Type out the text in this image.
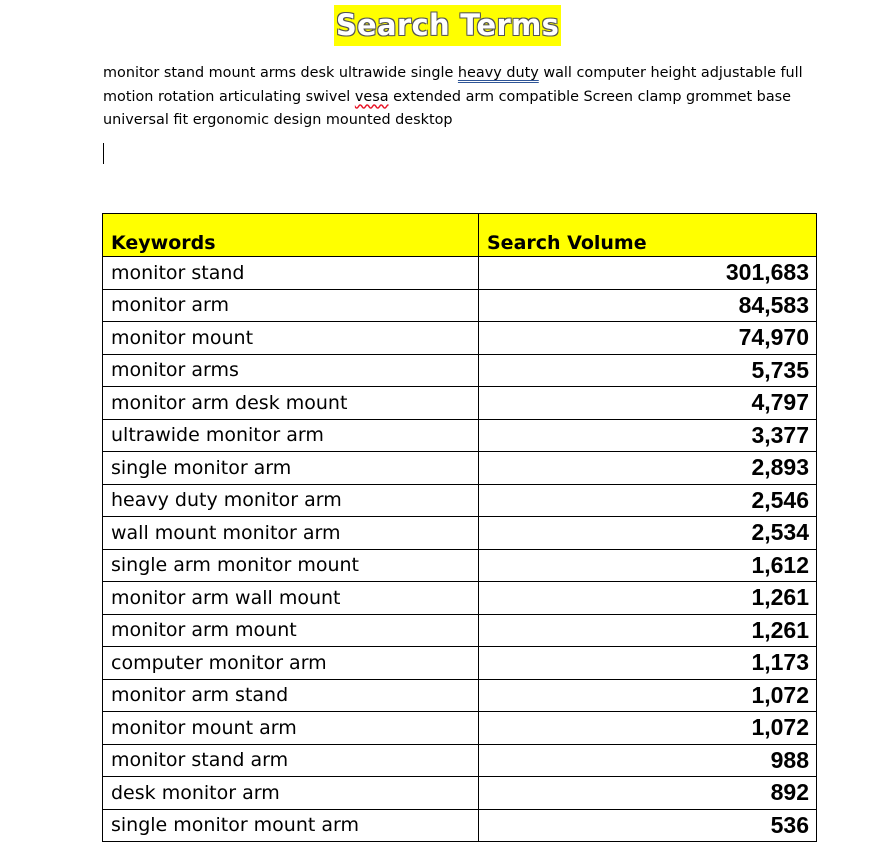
Search Terms
monitor stand mount arms desk ultrawide single heavy duty wall computer height adjustable full motion rotation articulating swivel vesa extended arm compatible Screen clamp grommet base universal fit ergonomic design mounted desktop
Keywords	Search Volume
monitor stand	301,683
monitor arm	84,583
monitor mount	74,970
monitor arms	5,735
monitor arm desk mount	4,797
ultrawide monitor arm	3,377
single monitor arm	2,893
heavy duty monitor arm	2,546
wall mount monitor arm	2,534
single arm monitor mount	1,612
monitor arm wall mount	1,261
monitor arm mount	1,261
computer monitor arm	1,173
monitor arm stand	1,072
monitor mount arm	1,072
monitor stand arm	988
desk monitor arm	892
single monitor mount arm	536
